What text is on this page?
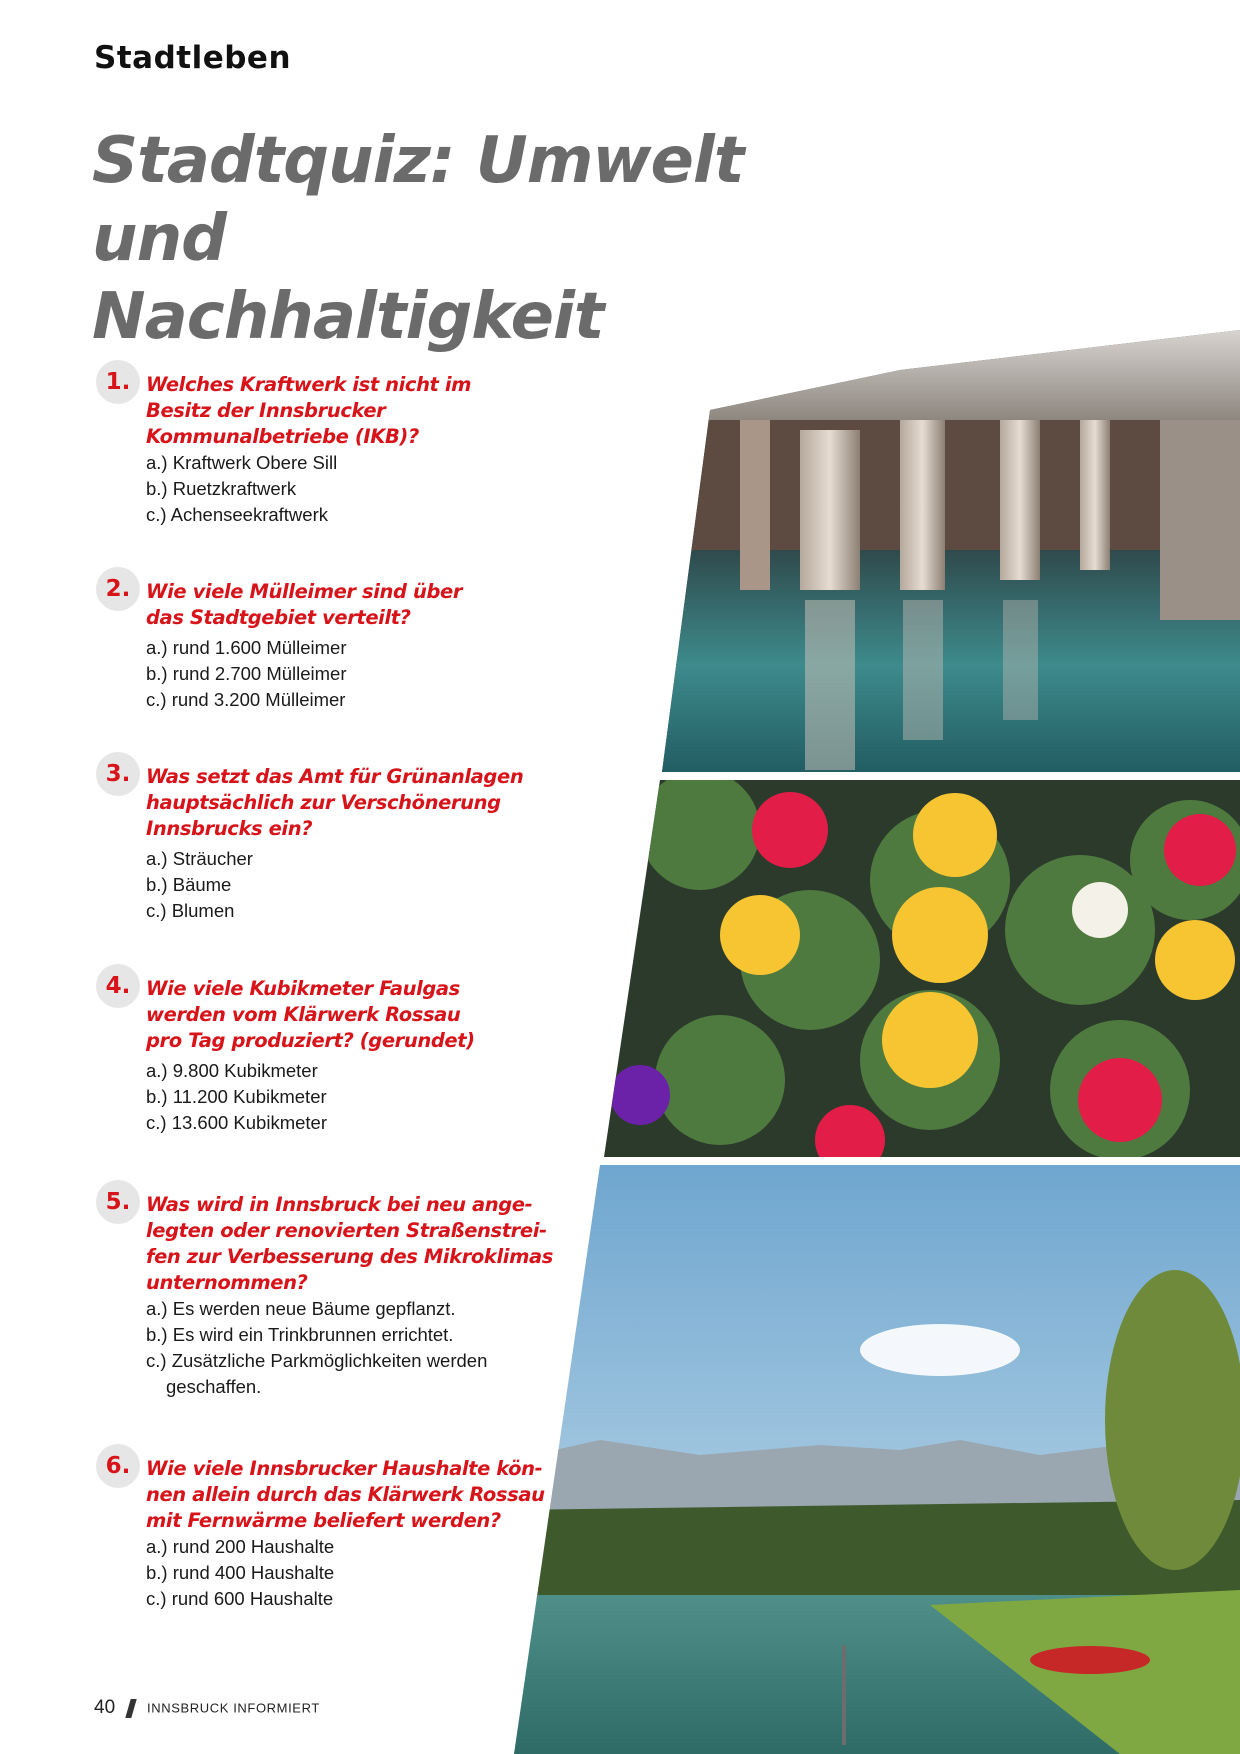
Stadtleben
Stadtquiz: Umwelt und
Nachhaltigkeit
1. Welches Kraftwerk ist nicht im
Besitz der Innsbrucker
Kommunalbetriebe (IKB)?

a.) Kraftwerk Obere Sill
b.) Ruetzkraftwerk
c.) Achenseekraftwerk
2. Wie viele Mülleimer sind über
das Stadtgebiet verteilt?

a.) rund 1.600 Mülleimer
b.) rund 2.700 Mülleimer
c.) rund 3.200 Mülleimer
3. Was setzt das Amt für Grünanlagen
hauptsächlich zur Verschönerung
Innsbrucks ein?

a.) Sträucher
b.) Bäume
c.) Blumen
4. Wie viele Kubikmeter Faulgas
werden vom Klärwerk Rossau
pro Tag produziert? (gerundet)

a.) 9.800 Kubikmeter
b.) 11.200 Kubikmeter
c.) 13.600 Kubikmeter
5. Was wird in Innsbruck bei neu ange-
legten oder renovierten Straßenstrei-
fen zur Verbesserung des Mikroklimas
unternommen?

a.) Es werden neue Bäume gepflanzt.
b.) Es wird ein Trinkbrunnen errichtet.
c.) Zusätzliche Parkmöglichkeiten werden geschaffen.
6. Wie viele Innsbrucker Haushalte kön-
nen allein durch das Klärwerk Rossau
mit Fernwärme beliefert werden?

a.) rund 200 Haushalte
b.) rund 400 Haushalte
c.) rund 600 Haushalte
40 INNSBRUCK INFORMIERT
